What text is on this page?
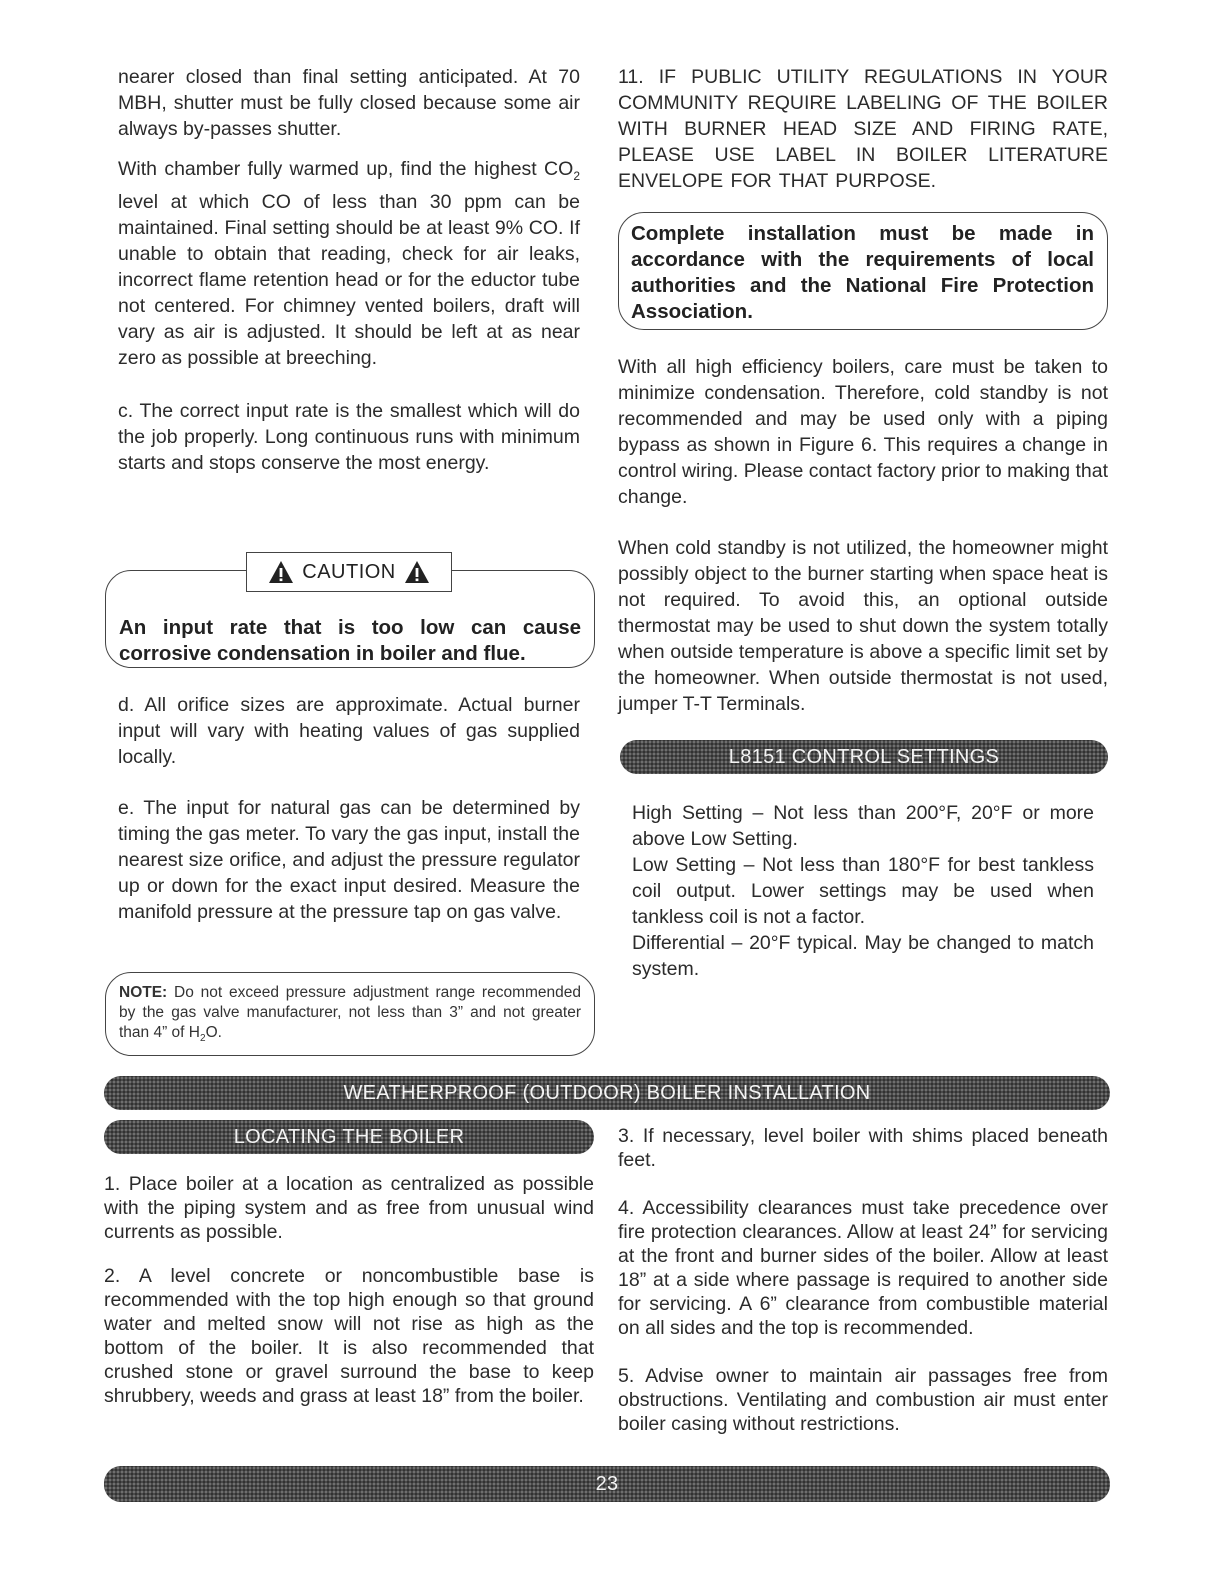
nearer closed than final setting anticipated. At 70 MBH, shutter must be fully closed because some air always by-passes shutter.

With chamber fully warmed up, find the highest $CO_2$ level at which CO of less than 30 ppm can be maintained. Final setting should be at least 9% CO. If unable to obtain that reading, check for air leaks, incorrect flame retention head or for the eductor tube not centered. For chimney vented boilers, draft will vary as air is adjusted. It should be left at as near zero as possible at breeching.

c. The correct input rate is the smallest which will do the job properly. Long continuous runs with minimum starts and stops conserve the most energy.

An input rate that is too low can cause corrosive condensation in boiler and flue.

CAUTION

d. All orifice sizes are approximate. Actual burner input will vary with heating values of gas supplied locally.

e. The input for natural gas can be determined by timing the gas meter. To vary the gas input, install the nearest size orifice, and adjust the pressure regulator up or down for the exact input desired. Measure the manifold pressure at the pressure tap on gas valve.

NOTE: Do not exceed pressure adjustment range recommended by the gas valve manufacturer, not less than 3” and not greater than 4” of $H_2O$.

11. IF PUBLIC UTILITY REGULATIONS IN YOUR COMMUNITY REQUIRE LABELING OF THE BOILER WITH BURNER HEAD SIZE AND FIRING RATE, PLEASE USE LABEL IN BOILER LITERATURE ENVELOPE FOR THAT PURPOSE.

Complete installation must be made in accordance with the requirements of local authorities and the National Fire Protection Association.

With all high efficiency boilers, care must be taken to minimize condensation. Therefore, cold standby is not recommended and may be used only with a piping bypass as shown in Figure 6. This requires a change in control wiring. Please contact factory prior to making that change.

When cold standby is not utilized, the homeowner might possibly object to the burner starting when space heat is not required. To avoid this, an optional outside thermostat may be used to shut down the system totally when outside temperature is above a specific limit set by the homeowner. When outside thermostat is not used, jumper T-T Terminals.

L8151 CONTROL SETTINGS

High Setting – Not less than 200°F, 20°F or more above Low Setting.

Low Setting – Not less than 180°F for best tankless coil output. Lower settings may be used when tankless coil is not a factor.

Differential – 20°F typical. May be changed to match system.

WEATHERPROOF (OUTDOOR) BOILER INSTALLATION
LOCATING THE BOILER

1. Place boiler at a location as centralized as possible with the piping system and as free from unusual wind currents as possible.

2. A level concrete or noncombustible base is recommended with the top high enough so that ground water and melted snow will not rise as high as the bottom of the boiler. It is also recommended that crushed stone or gravel surround the base to keep shrubbery, weeds and grass at least 18” from the boiler.

3. If necessary, level boiler with shims placed beneath feet.

4. Accessibility clearances must take precedence over fire protection clearances. Allow at least 24” for servicing at the front and burner sides of the boiler. Allow at least 18” at a side where passage is required to another side for servicing. A 6” clearance from combustible material on all sides and the top is recommended.

5. Advise owner to maintain air passages free from obstructions. Ventilating and combustion air must enter boiler casing without restrictions.

23
